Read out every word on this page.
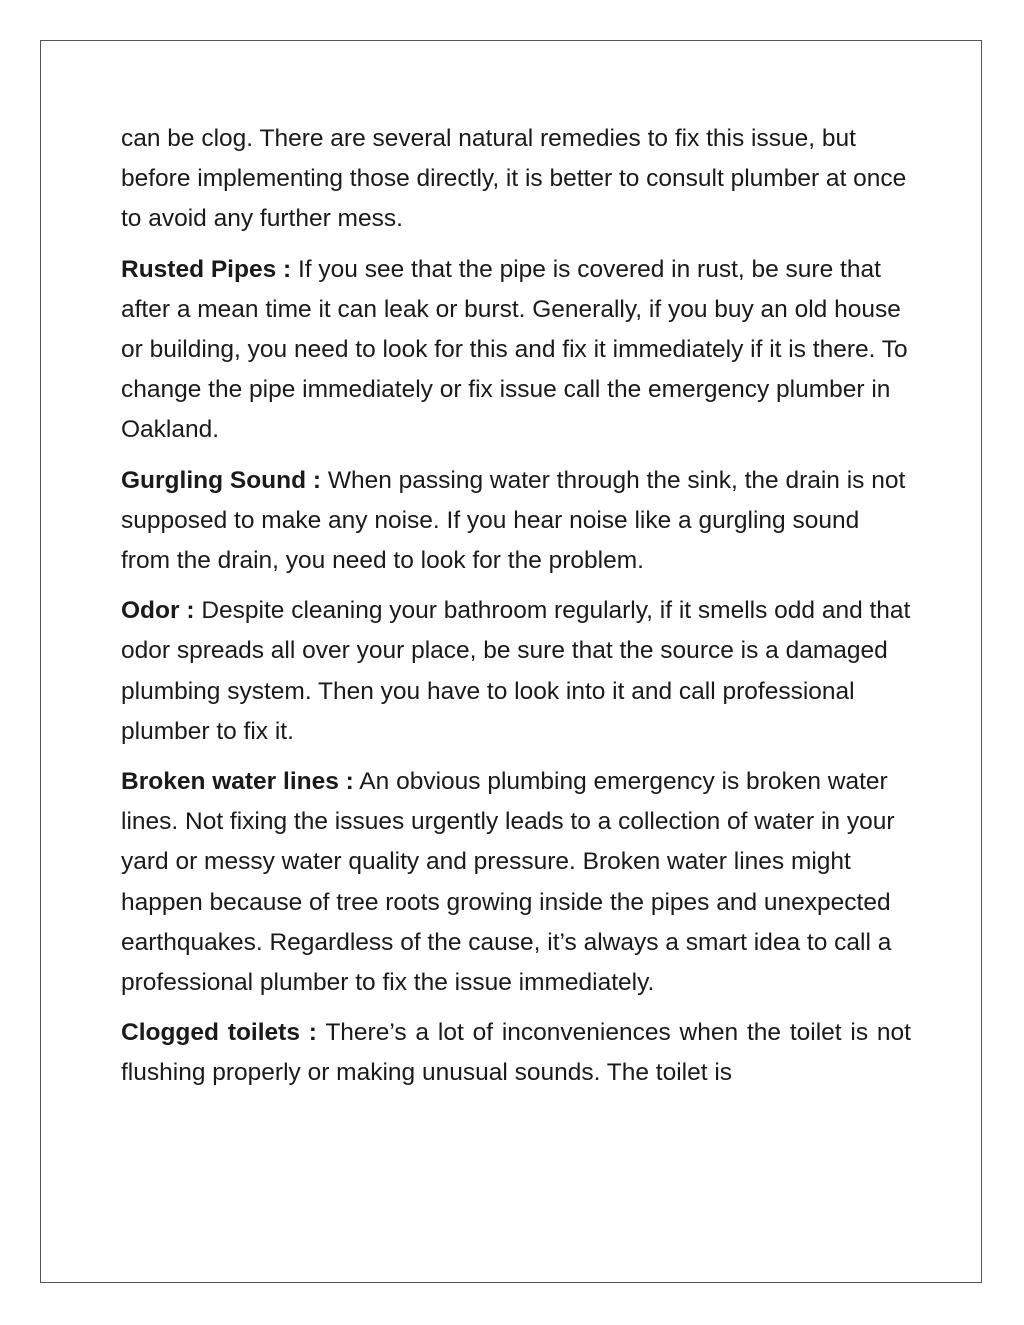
can be clog. There are several natural remedies to fix this issue, but before implementing those directly, it is better to consult plumber at once to avoid any further mess.

Rusted Pipes : If you see that the pipe is covered in rust, be sure that after a mean time it can leak or burst. Generally, if you buy an old house or building, you need to look for this and fix it immediately if it is there. To change the pipe immediately or fix issue call the emergency plumber in Oakland.

Gurgling Sound : When passing water through the sink, the drain is not supposed to make any noise. If you hear noise like a gurgling sound from the drain, you need to look for the problem.

Odor : Despite cleaning your bathroom regularly, if it smells odd and that odor spreads all over your place, be sure that the source is a damaged plumbing system. Then you have to look into it and call professional plumber to fix it.

Broken water lines : An obvious plumbing emergency is broken water lines. Not fixing the issues urgently leads to a collection of water in your yard or messy water quality and pressure. Broken water lines might happen because of tree roots growing inside the pipes and unexpected earthquakes. Regardless of the cause, it’s always a smart idea to call a professional plumber to fix the issue immediately.

Clogged toilets : There’s a lot of inconveniences when the toilet is not flushing properly or making unusual sounds. The toilet is
